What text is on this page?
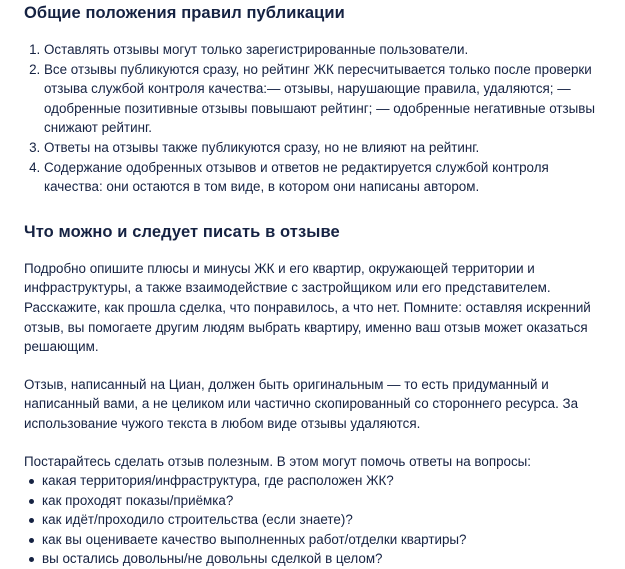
Общие положения правил публикации
1. Оставлять отзывы могут только зарегистрированные пользователи.
2. Все отзывы публикуются сразу, но рейтинг ЖК пересчитывается только после проверки отзыва службой контроля качества:— отзывы, нарушающие правила, удаляются; — одобренные позитивные отзывы повышают рейтинг; — одобренные негативные отзывы снижают рейтинг.
3. Ответы на отзывы также публикуются сразу, но не влияют на рейтинг.
4. Содержание одобренных отзывов и ответов не редактируется службой контроля качества: они остаются в том виде, в котором они написаны автором.
Что можно и следует писать в отзыве

Подробно опишите плюсы и минусы ЖК и его квартир, окружающей территории и инфраструктуры, а также взаимодействие с застройщиком или его представителем. Расскажите, как прошла сделка, что понравилось, а что нет. Помните: оставляя искренний отзыв, вы помогаете другим людям выбрать квартиру, именно ваш отзыв может оказаться решающим.

Отзыв, написанный на Циан, должен быть оригинальным — то есть придуманный и написанный вами, а не целиком или частично скопированный со стороннего ресурса. За использование чужого текста в любом виде отзывы удаляются.

Постарайтесь сделать отзыв полезным. В этом могут помочь ответы на вопросы:

какая территория/инфраструктура, где расположен ЖК?
как проходят показы/приёмка?
как идёт/проходило строительства (если знаете)?
как вы оцениваете качество выполненных работ/отделки квартиры?
вы остались довольны/не довольны сделкой в целом?
